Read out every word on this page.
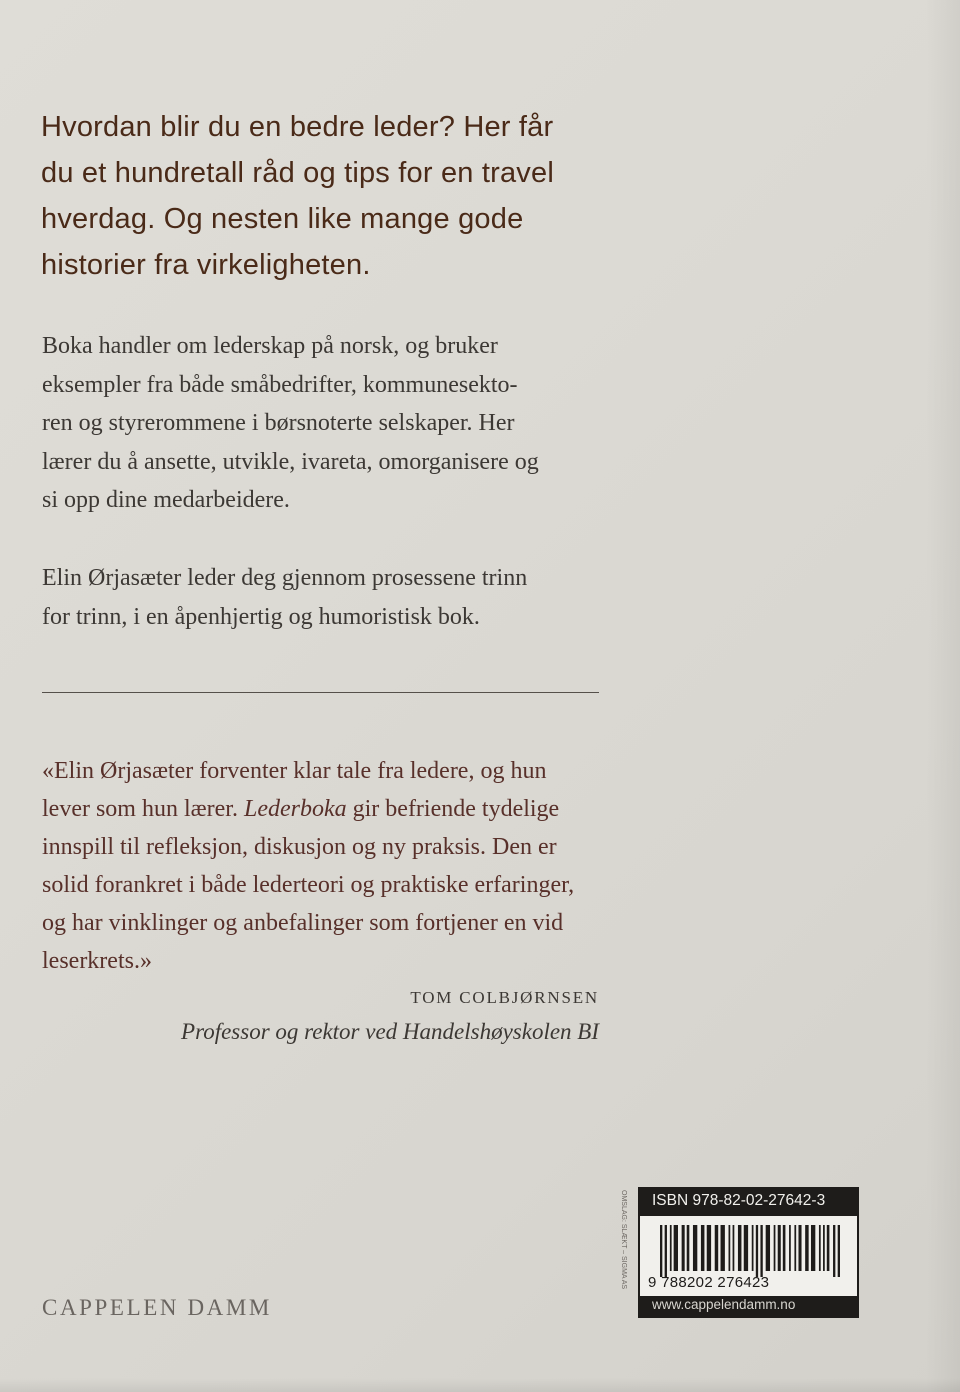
Hvordan blir du en bedre leder? Her får
du et hundretall råd og tips for en travel
hverdag. Og nesten like mange gode
historier fra virkeligheten.

Boka handler om lederskap på norsk, og bruker
eksempler fra både småbedrifter, kommunesekto-
ren og styrerommene i børsnoterte selskaper. Her
lærer du å ansette, utvikle, ivareta, omorganisere og
si opp dine medarbeidere.

Elin Ørjasæter leder deg gjennom prosessene trinn
for trinn, i en åpenhjertig og humoristisk bok.

«Elin Ørjasæter forventer klar tale fra ledere, og hun
lever som hun lærer. Lederboka gir befriende tydelige
innspill til refleksjon, diskusjon og ny praksis. Den er
solid forankret i både lederteori og praktiske erfaringer,
og har vinklinger og anbefalinger som fortjener en vid
leserkrets.»

TOM COLBJØRNSEN

Professor og rektor ved Handelshøyskolen BI

CAPPELEN DAMM

OMSLAG: SLÆKT – SIGMA AS ISBN 978-82-02-27642-3
9 788202 276423
www.cappelendamm.no
